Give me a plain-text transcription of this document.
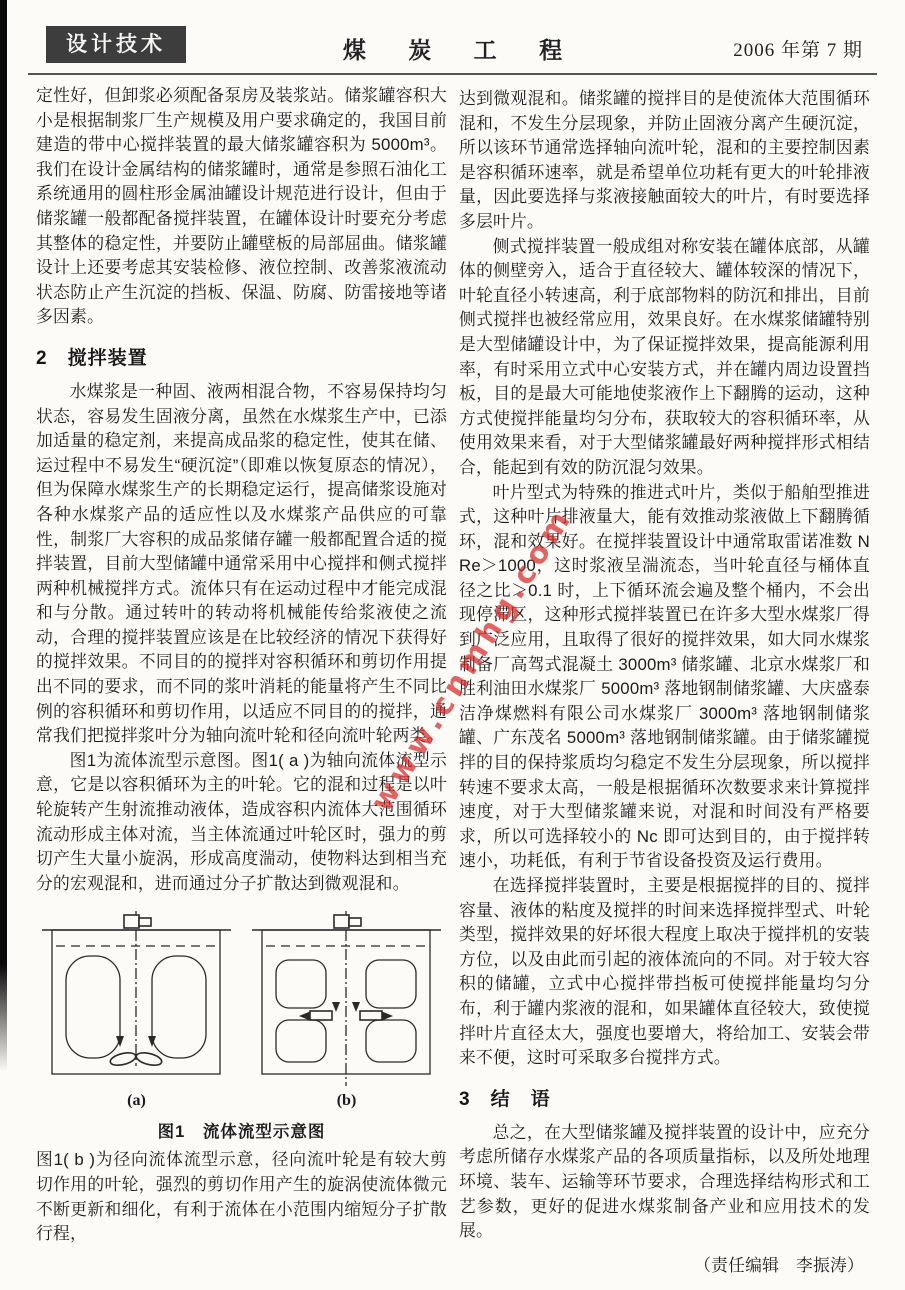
设计技术	煤 炭 工 程	2006 年第 7 期
www.cnmhg.com

定性好，但卸浆必须配备泵房及装浆站。储浆罐容积大小是根据制浆厂生产规模及用户要求确定的，我国目前建造的带中心搅拌装置的最大储浆罐容积为 5000m³。我们在设计金属结构的储浆罐时，通常是参照石油化工系统通用的圆柱形金属油罐设计规范进行设计，但由于储浆罐一般都配备搅拌装置，在罐体设计时要充分考虑其整体的稳定性，并要防止罐壁板的局部屈曲。储浆罐设计上还要考虑其安装检修、液位控制、改善浆液流动状态防止产生沉淀的挡板、保温、防腐、防雷接地等诸多因素。

2　搅拌装置

水煤浆是一种固、液两相混合物，不容易保持均匀状态，容易发生固液分离，虽然在水煤浆生产中，已添加适量的稳定剂，来提高成品浆的稳定性，使其在储、运过程中不易发生“硬沉淀”（即难以恢复原态的情况），但为保障水煤浆生产的长期稳定运行，提高储浆设施对各种水煤浆产品的适应性以及水煤浆产品供应的可靠性，制浆厂大容积的成品浆储存罐一般都配置合适的搅拌装置，目前大型储罐中通常采用中心搅拌和侧式搅拌两种机械搅拌方式。流体只有在运动过程中才能完成混和与分散。通过转叶的转动将机械能传给浆液使之流动，合理的搅拌装置应该是在比较经济的情况下获得好的搅拌效果。不同目的的搅拌对容积循环和剪切作用提出不同的要求，而不同的浆叶消耗的能量将产生不同比例的容积循环和剪切作用，以适应不同目的的搅拌，通常我们把搅拌浆叶分为轴向流叶轮和径向流叶轮两类。

图1为流体流型示意图。图1( a )为轴向流体流型示意，它是以容积循环为主的叶轮。它的混和过程是以叶轮旋转产生射流推动液体，造成容积内流体大范围循环流动形成主体对流，当主体流通过叶轮区时，强力的剪切产生大量小旋涡，形成高度湍动，使物料达到相当充分的宏观混和，进而通过分子扩散达到微观混和。

(a)	(b)
图1　流体流型示意图

图1( b )为径向流体流型示意，径向流叶轮是有较大剪切作用的叶轮，强烈的剪切作用产生的旋涡使流体微元不断更新和细化，有利于流体在小范围内缩短分子扩散行程，

达到微观混和。储浆罐的搅拌目的是使流体大范围循环混和，不发生分层现象，并防止固液分离产生硬沉淀，所以该环节通常选择轴向流叶轮，混和的主要控制因素是容积循环速率，就是希望单位功耗有更大的叶轮排液量，因此要选择与浆液接触面较大的叶片，有时要选择多层叶片。

侧式搅拌装置一般成组对称安装在罐体底部，从罐体的侧壁旁入，适合于直径较大、罐体较深的情况下，叶轮直径小转速高，利于底部物料的防沉和排出，目前侧式搅拌也被经常应用，效果良好。在水煤浆储罐特别是大型储罐设计中，为了保证搅拌效果，提高能源利用率，有时采用立式中心安装方式，并在罐内周边设置挡板，目的是最大可能地使浆液作上下翻腾的运动，这种方式使搅拌能量均匀分布，获取较大的容积循环率，从使用效果来看，对于大型储浆罐最好两种搅拌形式相结合，能起到有效的防沉混匀效果。

叶片型式为特殊的推进式叶片，类似于船舶型推进式，这种叶片排液量大，能有效推动浆液做上下翻腾循环，混和效果好。在搅拌装置设计中通常取雷诺准数 NRe＞1000，这时浆液呈湍流态，当叶轮直径与桶体直径之比＞0.1 时，上下循环流会遍及整个桶内，不会出现停滞区，这种形式搅拌装置已在许多大型水煤浆厂得到广泛应用，且取得了很好的搅拌效果，如大同水煤浆制备厂高驾式混凝土 3000m³ 储浆罐、北京水煤浆厂和胜利油田水煤浆厂 5000m³ 落地钢制储浆罐、大庆盛泰洁净煤燃料有限公司水煤浆厂 3000m³ 落地钢制储浆罐、广东茂名 5000m³ 落地钢制储浆罐。由于储浆罐搅拌的目的保持浆质均匀稳定不发生分层现象，所以搅拌转速不要求太高，一般是根据循环次数要求来计算搅拌速度，对于大型储浆罐来说，对混和时间没有严格要求，所以可选择较小的 Nc 即可达到目的，由于搅拌转速小，功耗低，有利于节省设备投资及运行费用。

在选择搅拌装置时，主要是根据搅拌的目的、搅拌容量、液体的粘度及搅拌的时间来选择搅拌型式、叶轮类型，搅拌效果的好坏很大程度上取决于搅拌机的安装方位，以及由此而引起的液体流向的不同。对于较大容积的储罐，立式中心搅拌带挡板可使搅拌能量均匀分布，利于罐内浆液的混和，如果罐体直径较大，致使搅拌叶片直径太大，强度也要增大，将给加工、安装会带来不便，这时可采取多台搅拌方式。

3　结　语

总之，在大型储浆罐及搅拌装置的设计中，应充分考虑所储存水煤浆产品的各项质量指标，以及所处地理环境、装车、运输等环节要求，合理选择结构形式和工艺参数，更好的促进水煤浆制备产业和应用技术的发展。

（责任编辑　李振涛）
